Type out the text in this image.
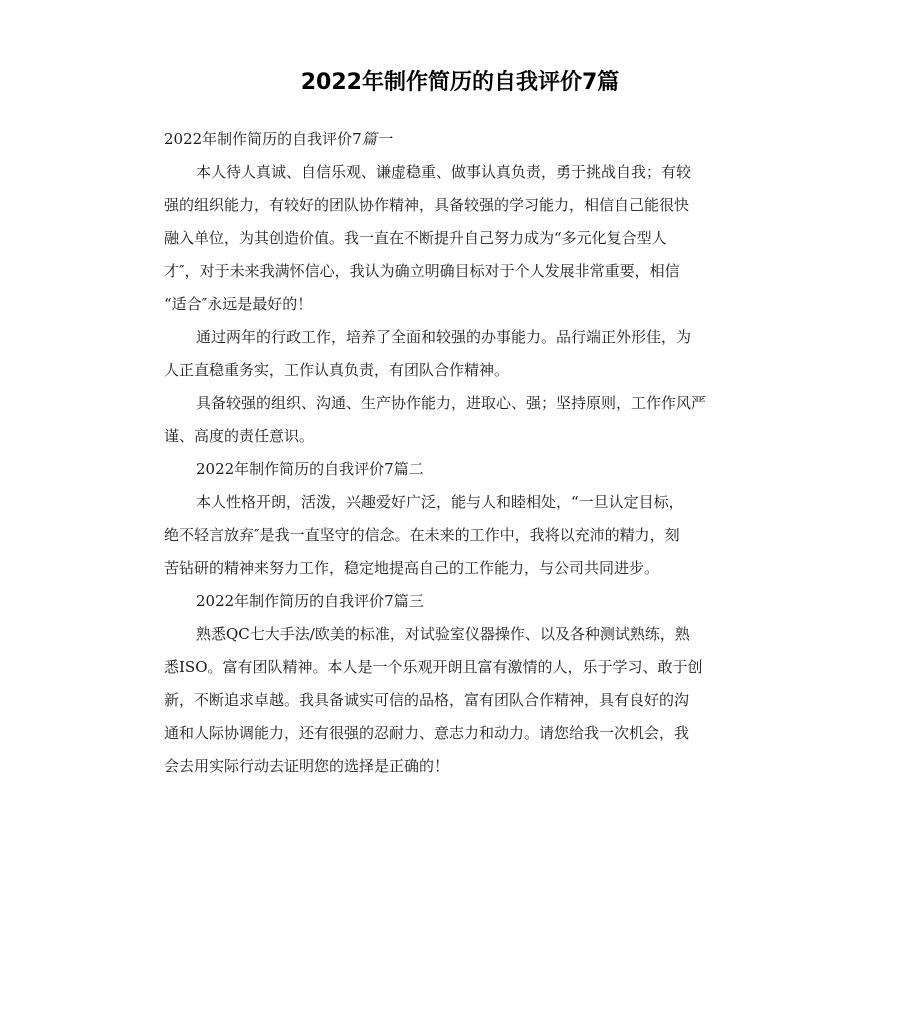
2022年制作简历的自我评价7篇
2022年制作简历的自我评价7篇一
本人待人真诚、自信乐观、谦虚稳重、做事认真负责，勇于挑战自我；有较
强的组织能力，有较好的团队协作精神，具备较强的学习能力，相信自己能很快
融入单位，为其创造价值。我一直在不断提升自己努力成为“多元化复合型人
才″，对于未来我满怀信心，我认为确立明确目标对于个人发展非常重要，相信
“适合″永远是最好的！
通过两年的行政工作，培养了全面和较强的办事能力。品行端正外形佳，为
人正直稳重务实，工作认真负责，有团队合作精神。
具备较强的组织、沟通、生产协作能力，进取心、强；坚持原则，工作作风严
谨、高度的责任意识。
2022年制作简历的自我评价7篇二
本人性格开朗，活泼，兴趣爱好广泛，能与人和睦相处，“一旦认定目标，
绝不轻言放弃″是我一直坚守的信念。在未来的工作中，我将以充沛的精力，刻
苦钻研的精神来努力工作，稳定地提高自己的工作能力，与公司共同进步。
2022年制作简历的自我评价7篇三
熟悉QC七大手法/欧美的标准，对试验室仪器操作、以及各种测试熟练，熟
悉ISO。富有团队精神。本人是一个乐观开朗且富有激情的人，乐于学习、敢于创
新，不断追求卓越。我具备诚实可信的品格，富有团队合作精神，具有良好的沟
通和人际协调能力，还有很强的忍耐力、意志力和动力。请您给我一次机会，我
会去用实际行动去证明您的选择是正确的！
